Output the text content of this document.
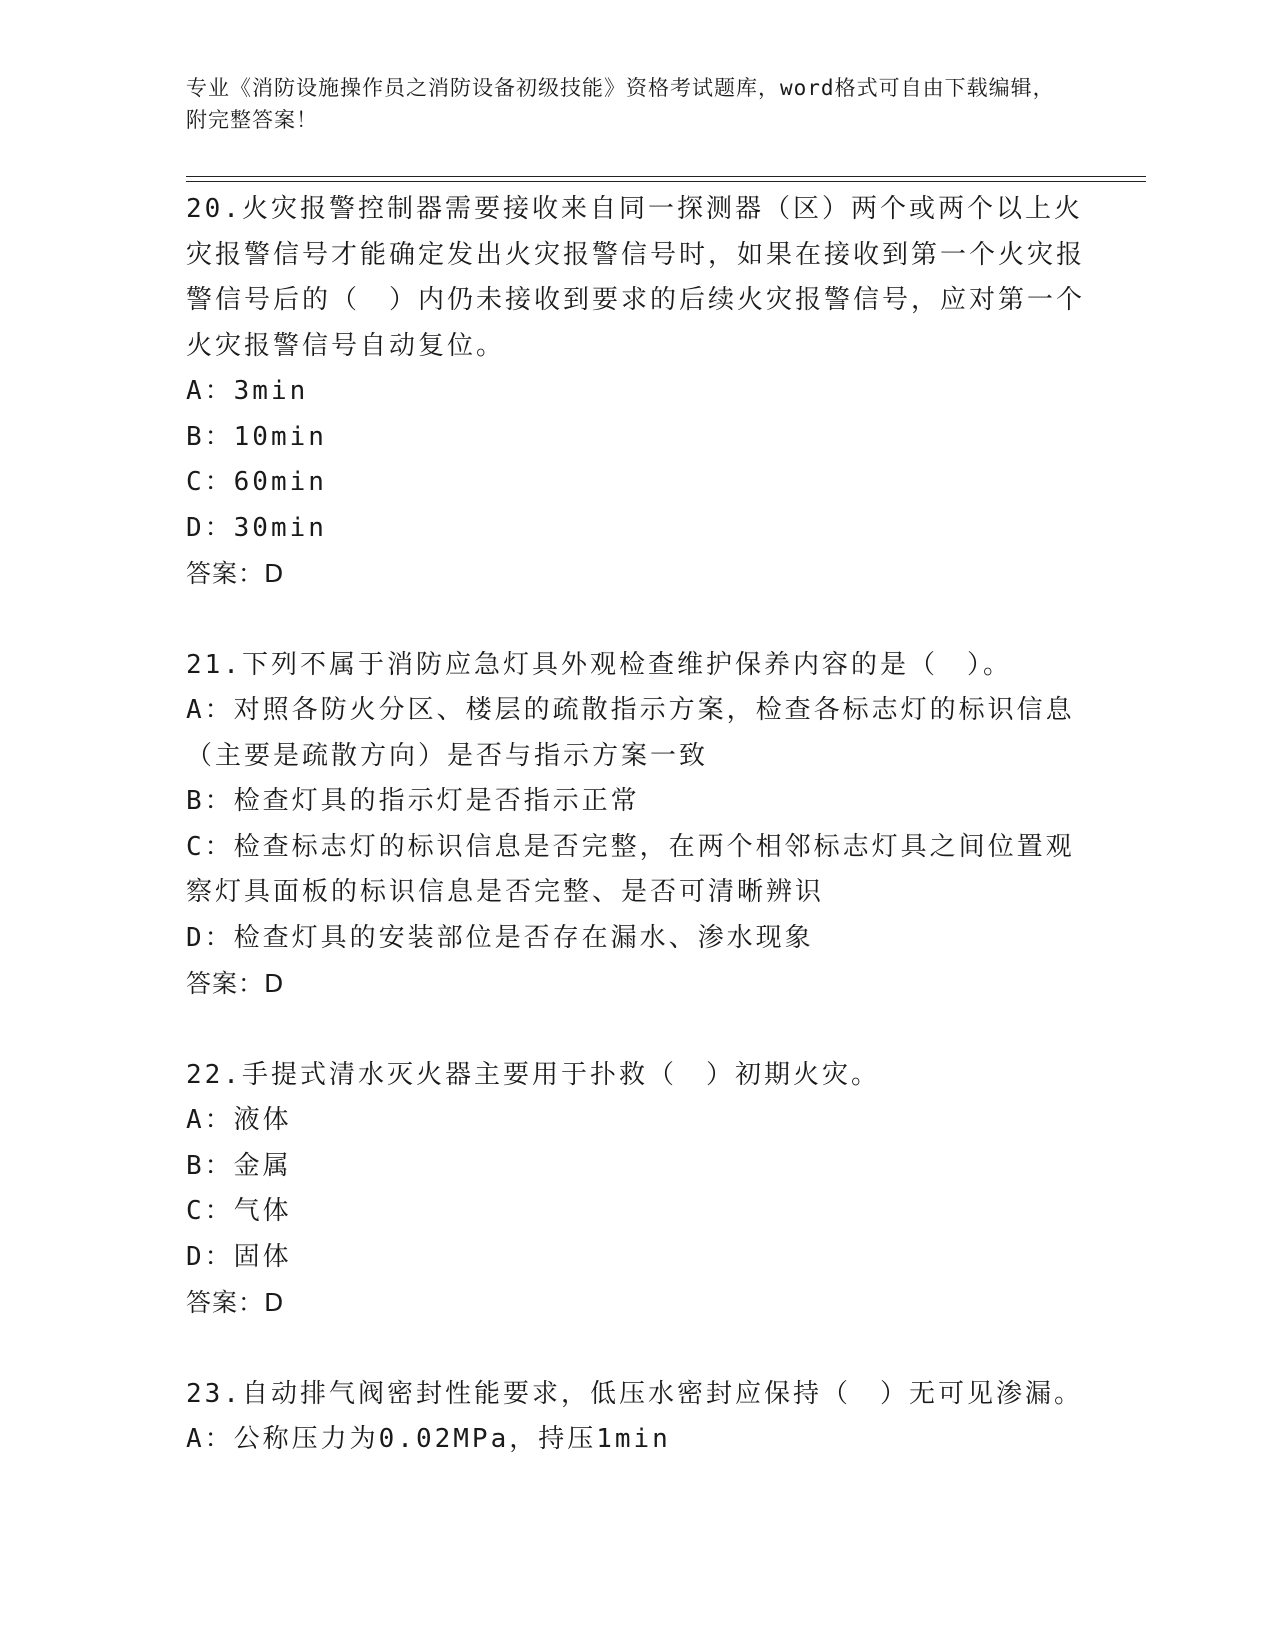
专业《消防设施操作员之消防设备初级技能》资格考试题库，word格式可自由下载编辑，附完整答案！

20.火灾报警控制器需要接收来自同一探测器（区）两个或两个以上火灾报警信号才能确定发出火灾报警信号时，如果在接收到第一个火灾报警信号后的（　）内仍未接收到要求的后续火灾报警信号，应对第一个火灾报警信号自动复位。

A：3min

B：10min

C：60min

D：30min

答案：D

21.下列不属于消防应急灯具外观检查维护保养内容的是（　）。

A：对照各防火分区、楼层的疏散指示方案，检查各标志灯的标识信息（主要是疏散方向）是否与指示方案一致

B：检查灯具的指示灯是否指示正常

C：检查标志灯的标识信息是否完整，在两个相邻标志灯具之间位置观察灯具面板的标识信息是否完整、是否可清晰辨识

D：检查灯具的安装部位是否存在漏水、渗水现象

答案：D

22.手提式清水灭火器主要用于扑救（　）初期火灾。

A：液体

B：金属

C：气体

D：固体

答案：D

23.自动排气阀密封性能要求，低压水密封应保持（　）无可见渗漏。

A：公称压力为0.02MPa，持压1min
